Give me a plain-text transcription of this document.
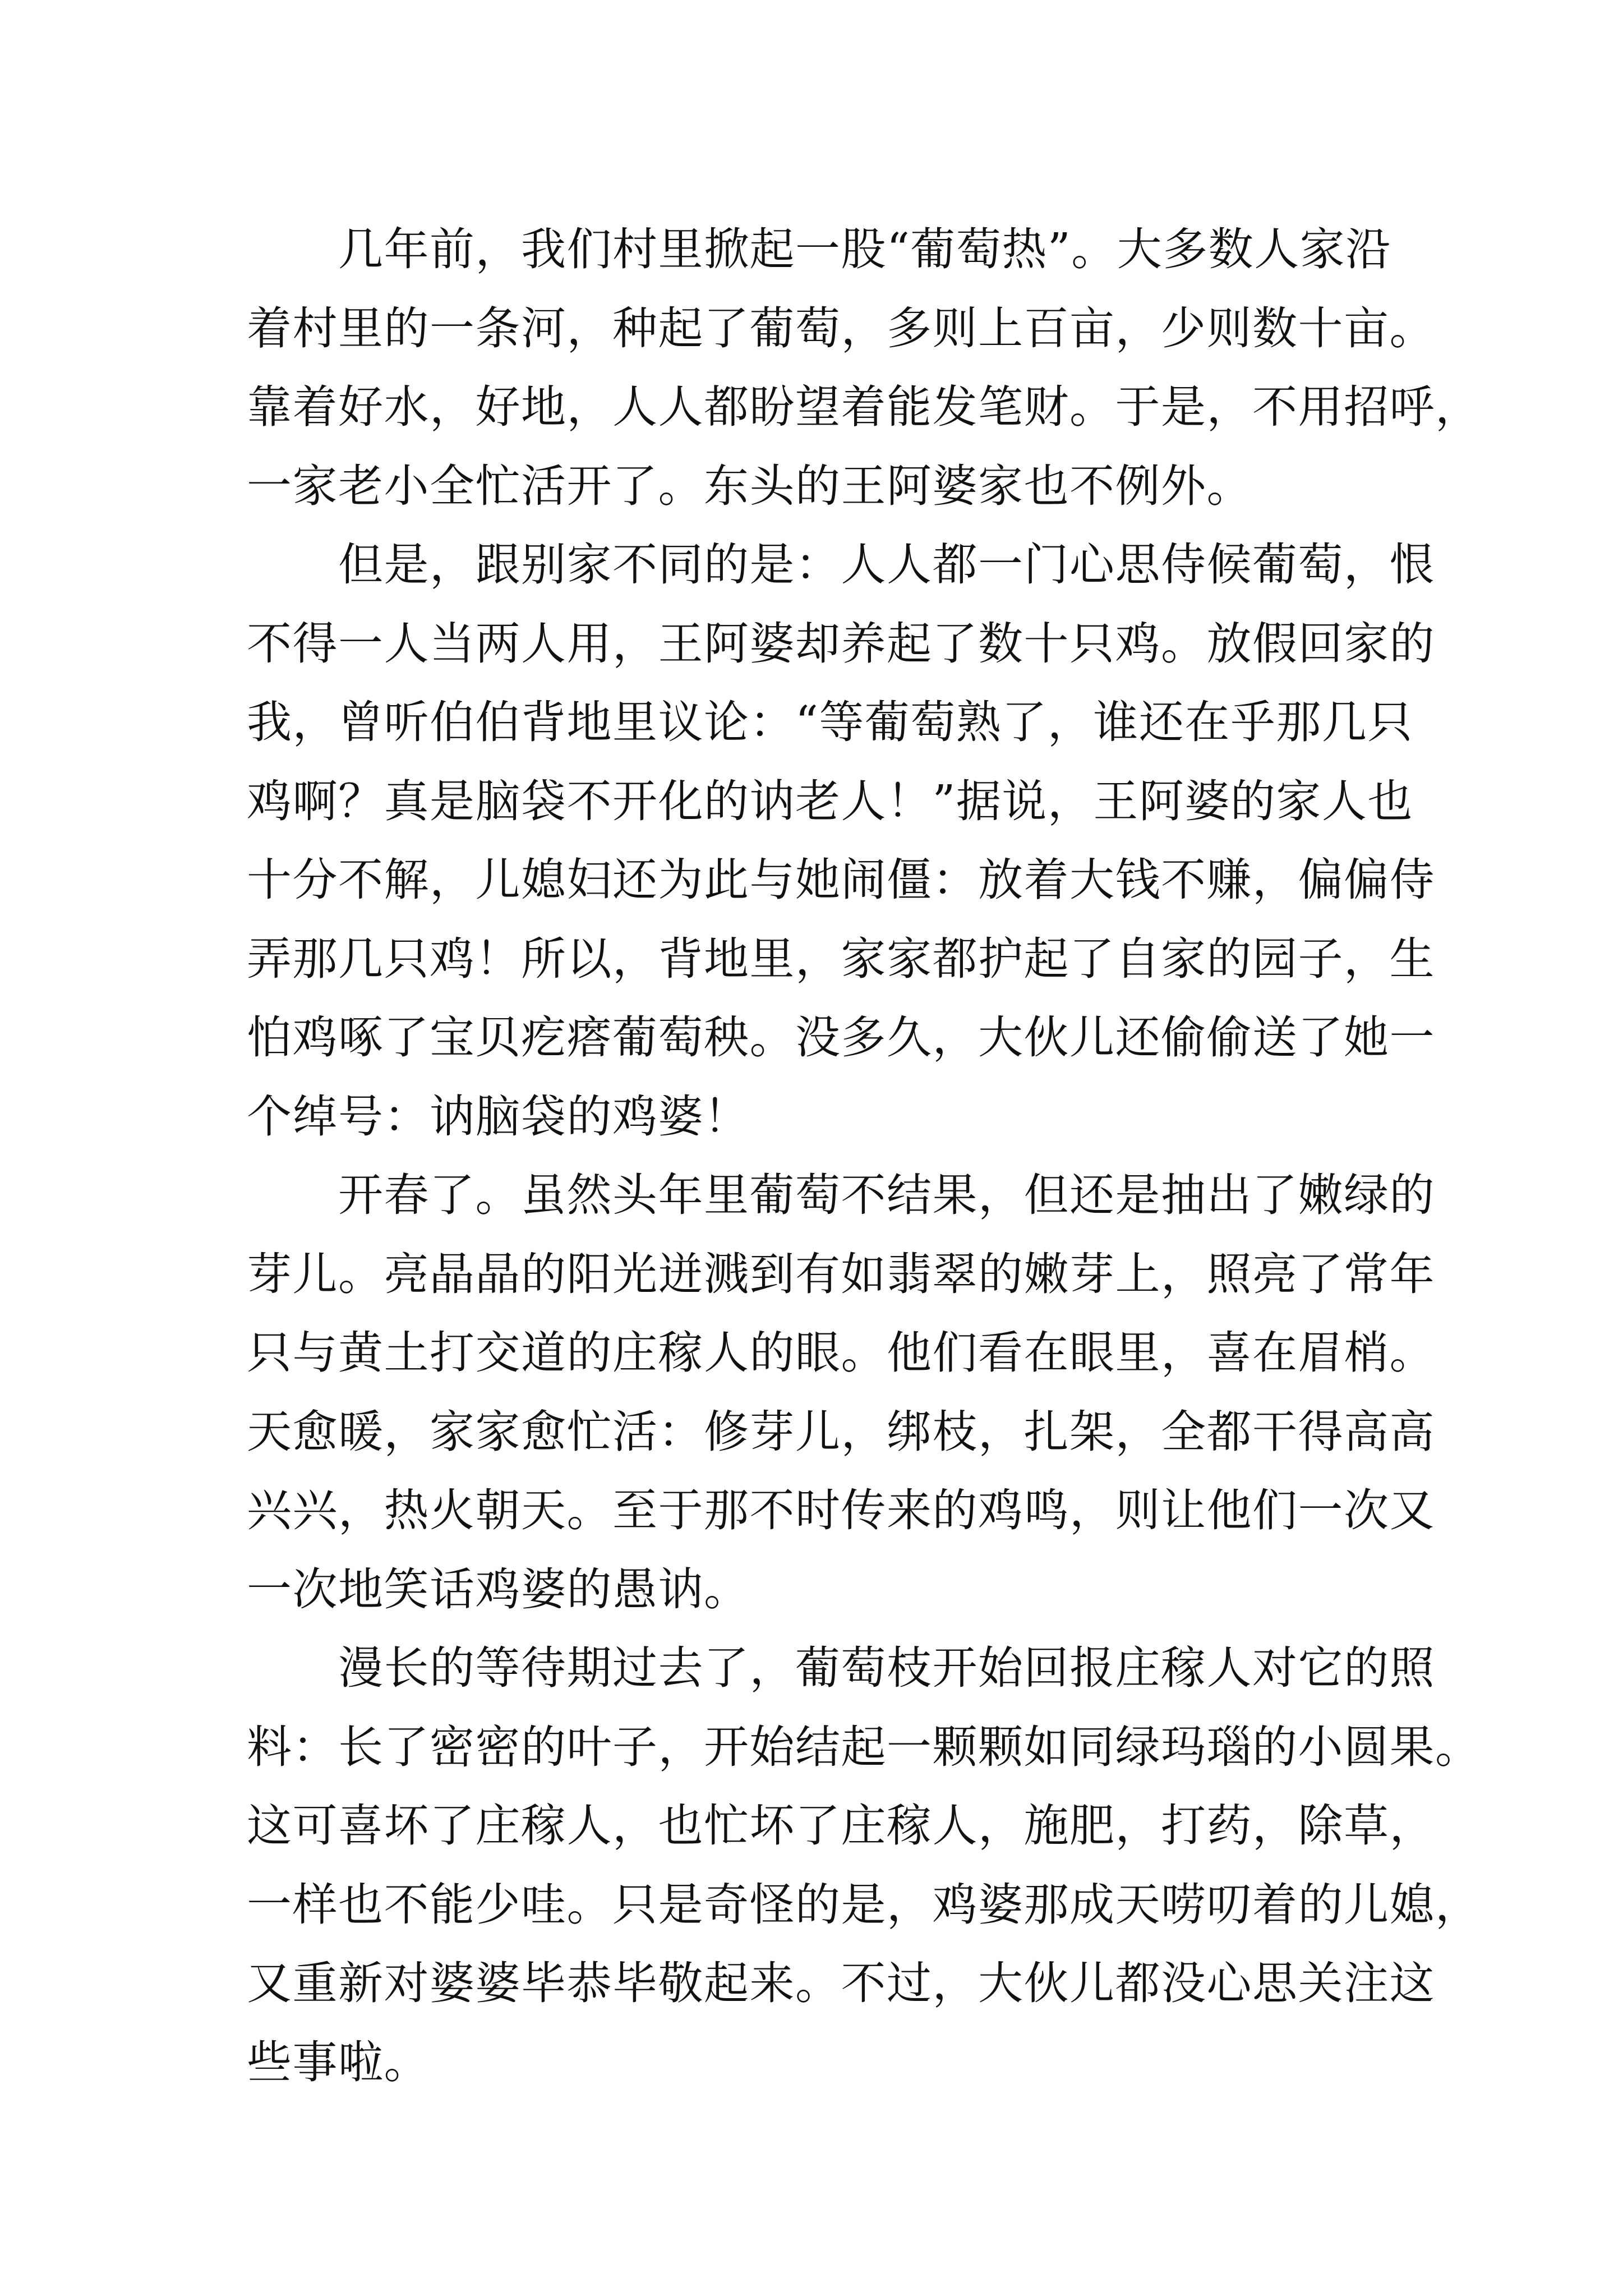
　　几年前，我们村里掀起一股“葡萄热”。大多数人家沿
着村里的一条河，种起了葡萄，多则上百亩，少则数十亩。
靠着好水，好地，人人都盼望着能发笔财。于是，不用招呼，
一家老小全忙活开了。东头的王阿婆家也不例外。
　　但是，跟别家不同的是：人人都一门心思侍候葡萄，恨
不得一人当两人用，王阿婆却养起了数十只鸡。放假回家的
我，曾听伯伯背地里议论：“等葡萄熟了，谁还在乎那几只
鸡啊？真是脑袋不开化的讷老人！”据说，王阿婆的家人也
十分不解，儿媳妇还为此与她闹僵：放着大钱不赚，偏偏侍
弄那几只鸡！所以，背地里，家家都护起了自家的园子，生
怕鸡啄了宝贝疙瘩葡萄秧。没多久，大伙儿还偷偷送了她一
个绰号：讷脑袋的鸡婆！
　　开春了。虽然头年里葡萄不结果，但还是抽出了嫩绿的
芽儿。亮晶晶的阳光迸溅到有如翡翠的嫩芽上，照亮了常年
只与黄土打交道的庄稼人的眼。他们看在眼里，喜在眉梢。
天愈暖，家家愈忙活：修芽儿，绑枝，扎架，全都干得高高
兴兴，热火朝天。至于那不时传来的鸡鸣，则让他们一次又
一次地笑话鸡婆的愚讷。
　　漫长的等待期过去了，葡萄枝开始回报庄稼人对它的照
料：长了密密的叶子，开始结起一颗颗如同绿玛瑙的小圆果。
这可喜坏了庄稼人，也忙坏了庄稼人，施肥，打药，除草，
一样也不能少哇。只是奇怪的是，鸡婆那成天唠叨着的儿媳，
又重新对婆婆毕恭毕敬起来。不过，大伙儿都没心思关注这
些事啦。
